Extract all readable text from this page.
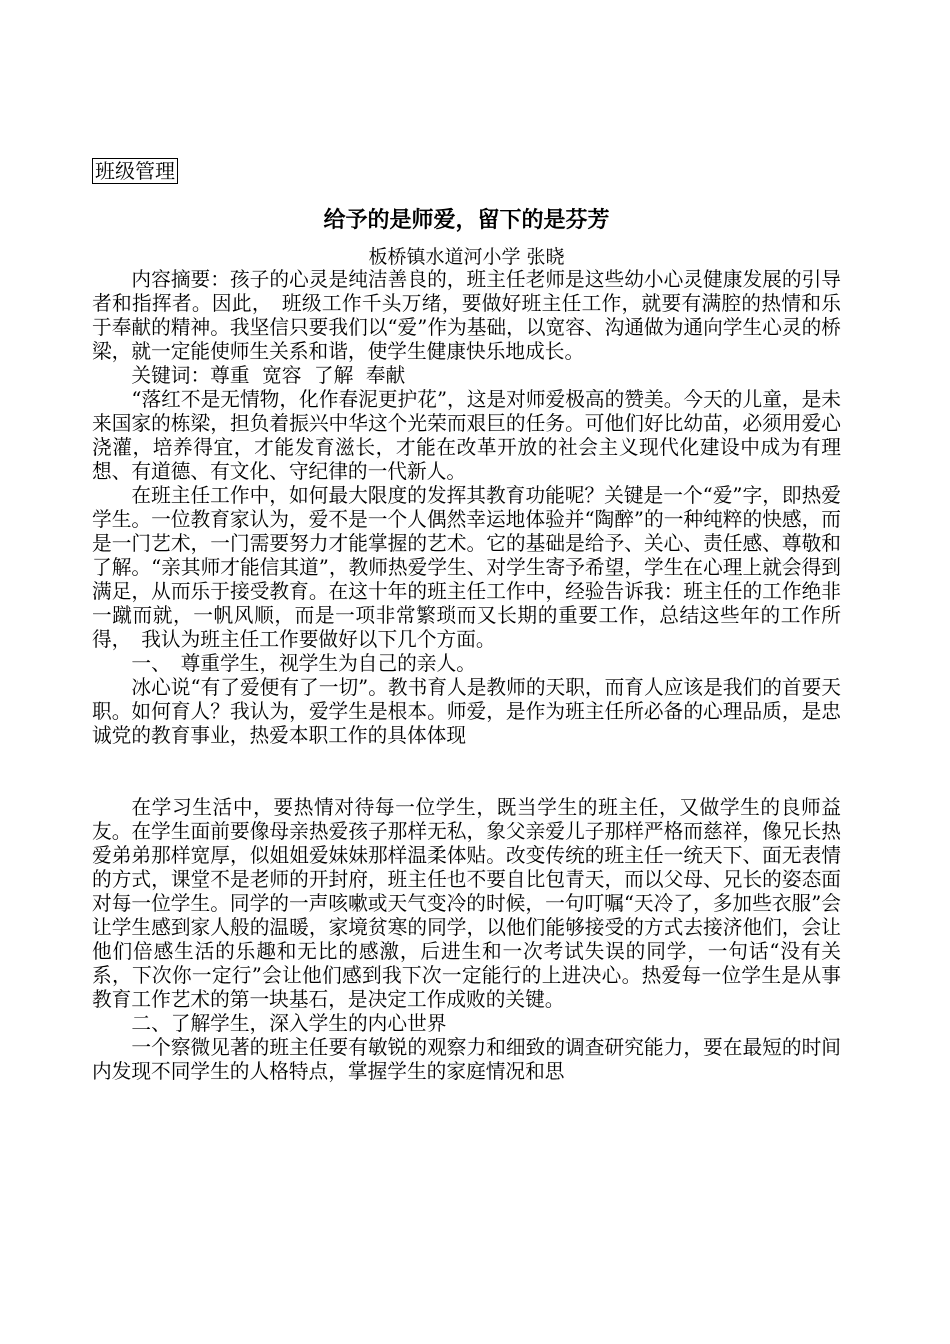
班级管理
给予的是师爱，留下的是芬芳

板桥镇水道河小学 张晓

内容摘要：孩子的心灵是纯洁善良的，班主任老师是这些幼小心灵健康发展的引导者和指挥者。因此，　班级工作千头万绪，要做好班主任工作，就要有满腔的热情和乐于奉献的精神。我坚信只要我们以“爱”作为基础，以宽容、沟通做为通向学生心灵的桥梁，就一定能使师生关系和谐，使学生健康快乐地成长。

关键词：尊重  宽容  了解  奉献

“落红不是无情物，化作春泥更护花”，这是对师爱极高的赞美。今天的儿童，是未来国家的栋梁，担负着振兴中华这个光荣而艰巨的任务。可他们好比幼苗，必须用爱心浇灌，培养得宜，才能发育滋长，才能在改革开放的社会主义现代化建设中成为有理想、有道德、有文化、守纪律的一代新人。

在班主任工作中，如何最大限度的发挥其教育功能呢？关键是一个“爱”字，即热爱学生。一位教育家认为，爱不是一个人偶然幸运地体验并“陶醉”的一种纯粹的快感，而是一门艺术，一门需要努力才能掌握的艺术。它的基础是给予、关心、责任感、尊敬和了解。“亲其师才能信其道”，教师热爱学生、对学生寄予希望，学生在心理上就会得到满足，从而乐于接受教育。在这十年的班主任工作中，经验告诉我：班主任的工作绝非一蹴而就，一帆风顺，而是一项非常繁琐而又长期的重要工作，总结这些年的工作所得，　我认为班主任工作要做好以下几个方面。

一、　尊重学生，视学生为自己的亲人。

冰心说“有了爱便有了一切”。教书育人是教师的天职，而育人应该是我们的首要天职。如何育人？我认为，爱学生是根本。师爱，是作为班主任所必备的心理品质，是忠诚党的教育事业，热爱本职工作的具体体现

在学习生活中，要热情对待每一位学生，既当学生的班主任，又做学生的良师益友。在学生面前要像母亲热爱孩子那样无私，象父亲爱儿子那样严格而慈祥，像兄长热爱弟弟那样宽厚，似姐姐爱妹妹那样温柔体贴。改变传统的班主任一统天下、面无表情的方式，课堂不是老师的开封府，班主任也不要自比包青天，而以父母、兄长的姿态面对每一位学生。同学的一声咳嗽或天气变冷的时候，一句叮嘱“天冷了，多加些衣服”会让学生感到家人般的温暖，家境贫寒的同学，以他们能够接受的方式去接济他们，会让他们倍感生活的乐趣和无比的感激，后进生和一次考试失误的同学，一句话“没有关系，下次你一定行”会让他们感到我下次一定能行的上进决心。热爱每一位学生是从事教育工作艺术的第一块基石，是决定工作成败的关键。

二、了解学生，深入学生的内心世界

一个察微见著的班主任要有敏锐的观察力和细致的调查研究能力，要在最短的时间内发现不同学生的人格特点，掌握学生的家庭情况和思
